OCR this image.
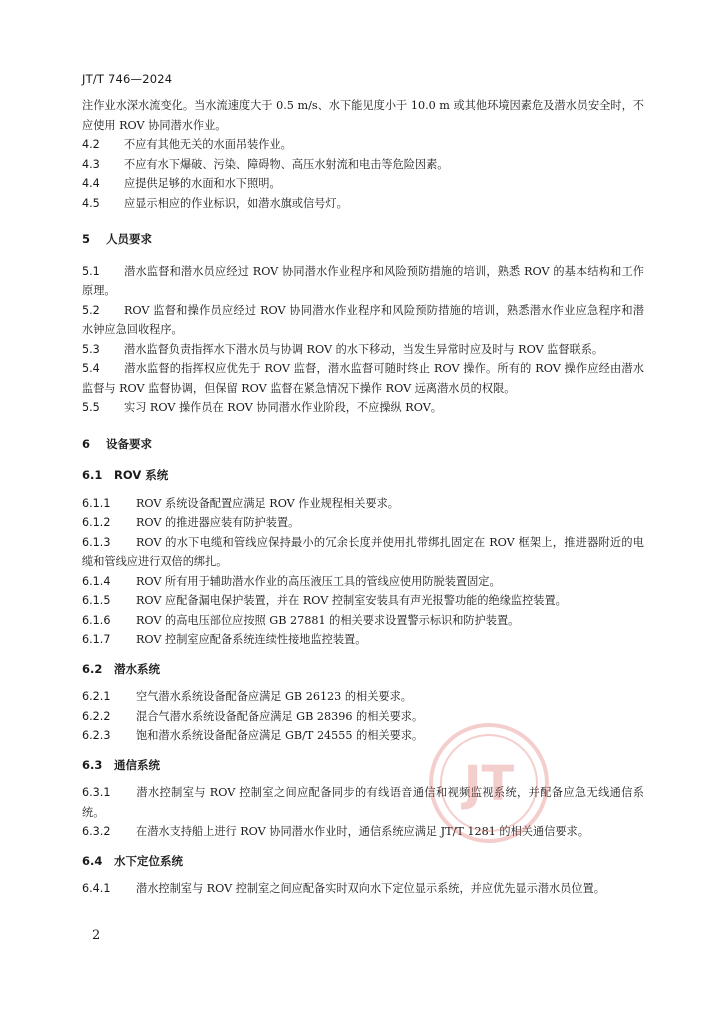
JT/T 746—2024

注作业水深水流变化。当水流速度大于 0.5 m/s、水下能见度小于 10.0 m 或其他环境因素危及潜水员安全时，不应使用 ROV 协同潜水作业。

4.2 不应有其他无关的水面吊装作业。

4.3 不应有水下爆破、污染、障碍物、高压水射流和电击等危险因素。

4.4 应提供足够的水面和水下照明。

4.5 应显示相应的作业标识，如潜水旗或信号灯。

5 人员要求

5.1 潜水监督和潜水员应经过 ROV 协同潜水作业程序和风险预防措施的培训，熟悉 ROV 的基本结构和工作原理。

5.2 ROV 监督和操作员应经过 ROV 协同潜水作业程序和风险预防措施的培训，熟悉潜水作业应急程序和潜水钟应急回收程序。

5.3 潜水监督负责指挥水下潜水员与协调 ROV 的水下移动，当发生异常时应及时与 ROV 监督联系。

5.4 潜水监督的指挥权应优先于 ROV 监督，潜水监督可随时终止 ROV 操作。所有的 ROV 操作应经由潜水监督与 ROV 监督协调，但保留 ROV 监督在紧急情况下操作 ROV 远离潜水员的权限。

5.5 实习 ROV 操作员在 ROV 协同潜水作业阶段，不应操纵 ROV。

6 设备要求
6.1 ROV 系统

6.1.1 ROV 系统设备配置应满足 ROV 作业规程相关要求。

6.1.2 ROV 的推进器应装有防护装置。

6.1.3 ROV 的水下电缆和管线应保持最小的冗余长度并使用扎带绑扎固定在 ROV 框架上，推进器附近的电缆和管线应进行双倍的绑扎。

6.1.4 ROV 所有用于辅助潜水作业的高压液压工具的管线应使用防脱装置固定。

6.1.5 ROV 应配备漏电保护装置，并在 ROV 控制室安装具有声光报警功能的绝缘监控装置。

6.1.6 ROV 的高电压部位应按照 GB 27881 的相关要求设置警示标识和防护装置。

6.1.7 ROV 控制室应配备系统连续性接地监控装置。

6.2 潜水系统

6.2.1 空气潜水系统设备配备应满足 GB 26123 的相关要求。

6.2.2 混合气潜水系统设备配备应满足 GB 28396 的相关要求。

6.2.3 饱和潜水系统设备配备应满足 GB/T 24555 的相关要求。

6.3 通信系统

6.3.1 潜水控制室与 ROV 控制室之间应配备同步的有线语音通信和视频监视系统，并配备应急无线通信系统。

6.3.2 在潜水支持船上进行 ROV 协同潜水作业时，通信系统应满足 JT/T 1281 的相关通信要求。

6.4 水下定位系统

6.4.1 潜水控制室与 ROV 控制室之间应配备实时双向水下定位显示系统，并应优先显示潜水员位置。

JT
2
